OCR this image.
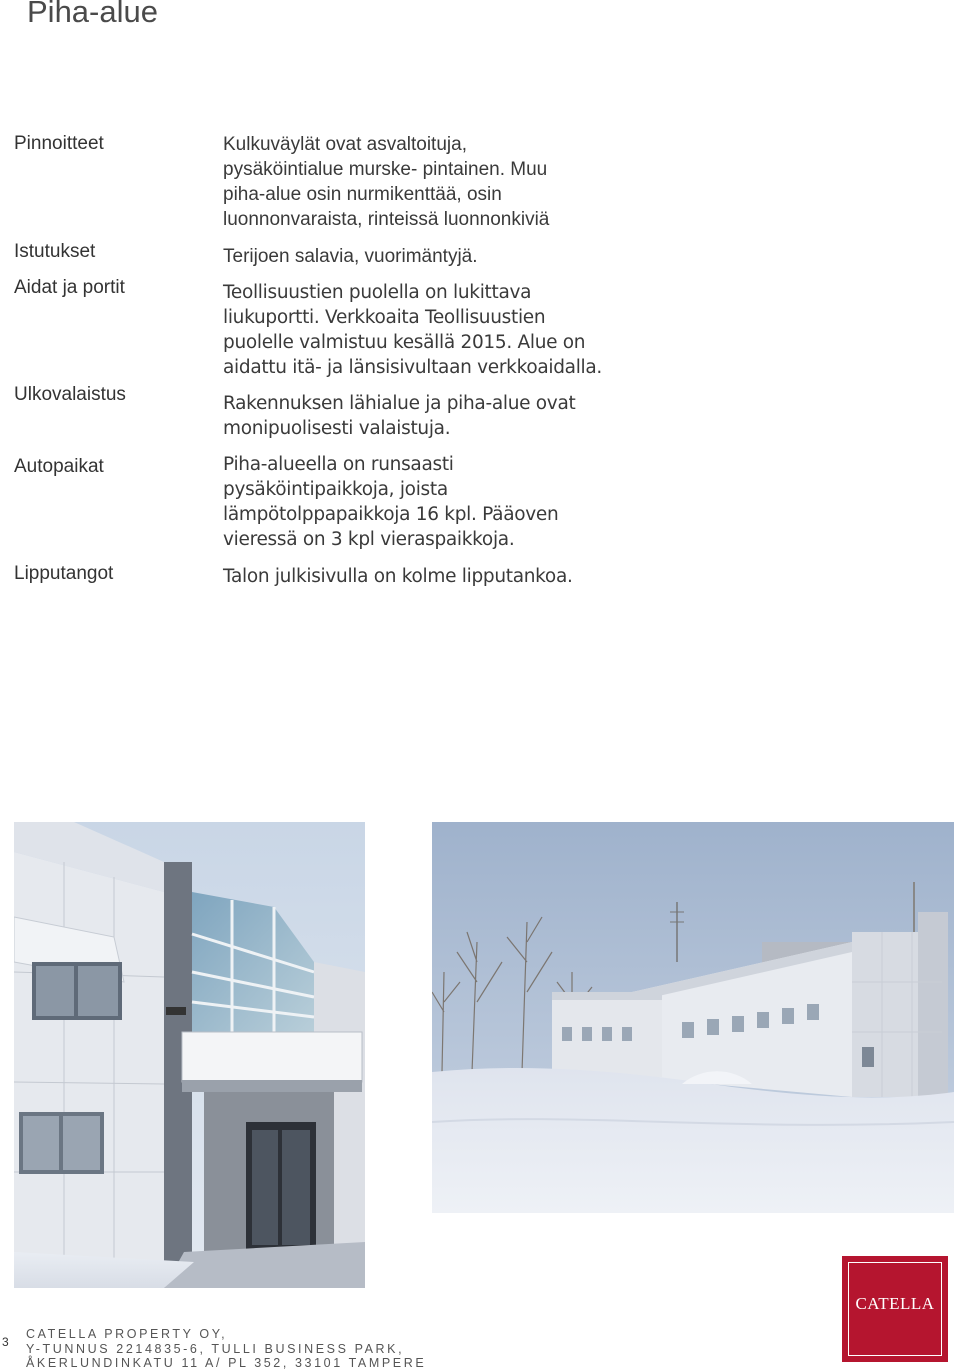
Piha-alue
Pinnoitteet
Istutukset
Aidat ja portit
Ulkovalaistus
Autopaikat
Lipputangot
Kulkuväylät ovat asvaltoituja,
pysäköintialue murske- pintainen. Muu
piha-alue osin nurmikenttää, osin
luonnonvaraista, rinteissä luonnonkiviä
Terijoen salavia, vuorimäntyjä.
Teollisuustien puolella on lukittava
liukuportti. Verkkoaita Teollisuustien
puolelle valmistuu kesällä 2015. Alue on
aidattu itä- ja länsisivultaan verkkoaidalla.
Rakennuksen lähialue ja piha-alue ovat
monipuolisesti valaistuja.
Piha-alueella on runsaasti
pysäköintipaikkoja, joista
lämpötolppapaikkoja 16 kpl. Pääoven
vieressä on 3 kpl vieraspaikkoja.
Talon julkisivulla on kolme lipputankoa.
3
CATELLA PROPERTY OY,
Y-TUNNUS 2214835-6, TULLI BUSINESS PARK,
ÅKERLUNDINKATU 11 A/ PL 352, 33101 TAMPERE
CATELLA
